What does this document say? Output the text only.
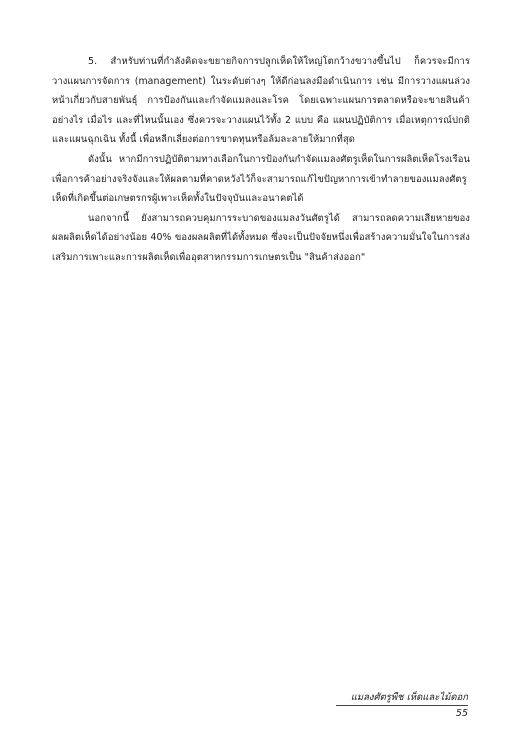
5. สำหรับท่านที่กำลังคิดจะขยายกิจการปลูกเห็ดให้ใหญ่โตกว้างขวางขึ้นไป ก็ควรจะมีการวางแผนการจัดการ (management) ในระดับต่างๆ ให้ดีก่อนลงมือดำเนินการ เช่น มีการวางแผนล่วงหน้าเกี่ยวกับสายพันธุ์ การป้องกันและกำจัดแมลงและโรค โดยเฉพาะแผนการตลาดหรือจะขายสินค้าอย่างไร เมื่อไร และที่ไหนนั้นเอง ซึ่งควรจะวางแผนไว้ทั้ง 2 แบบ คือ แผนปฏิบัติการ เมื่อเหตุการณ์ปกติและแผนฉุกเฉิน ทั้งนี้ เพื่อหลีกเลี่ยงต่อการขาดทุนหรือล้มละลายให้มากที่สุด

ดังนั้น หากมีการปฏิบัติตามทางเลือกในการป้องกันกำจัดแมลงศัตรูเห็ดในการผลิตเห็ดโรงเรือน เพื่อการค้าอย่างจริงจังและให้ผลตามที่คาดหวังไว้ก็จะสามารถแก้ไขปัญหาการเข้าทำลายของแมลงศัตรูเห็ดที่เกิดขึ้นต่อเกษตรกรผู้เพาะเห็ดทั้งในปัจจุบันและอนาคตได้

นอกจากนี้ ยังสามารถควบคุมการระบาดของแมลงวันศัตรูได้ สามารถลดความเสียหายของผลผลิตเห็ดได้อย่างน้อย 40% ของผลผลิตที่ได้ทั้งหมด ซึ่งจะเป็นปัจจัยหนึ่งเพื่อสร้างความมั่นใจในการส่งเสริมการเพาะและการผลิตเห็ดเพื่ออุตสาหกรรมการเกษตรเป็น "สินค้าส่งออก"

แมลงศัตรูพืช เห็ดและไม้ดอก
55
